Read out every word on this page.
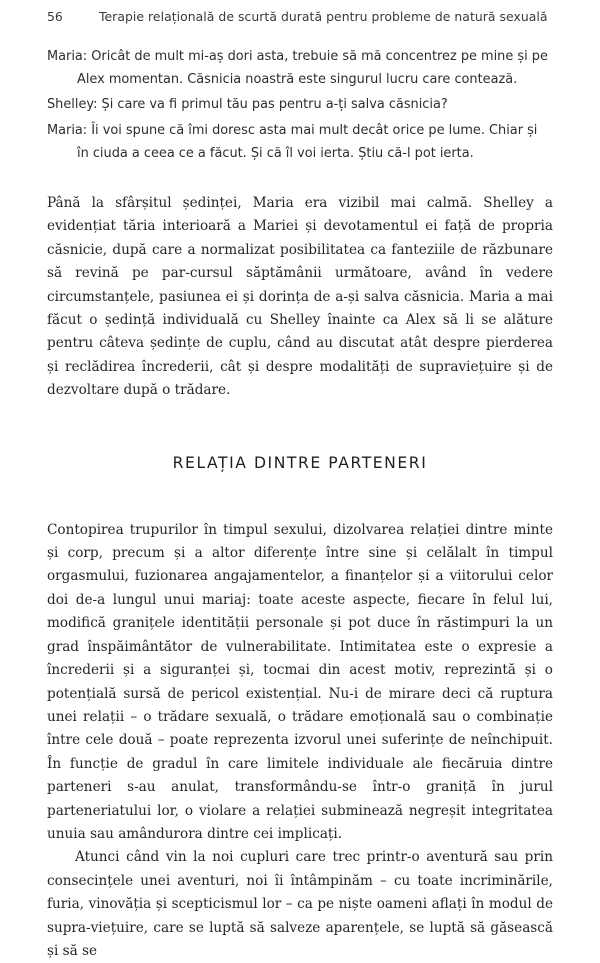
56	Terapie relațională de scurtă durată pentru probleme de natură sexuală

Maria: Oricât de mult mi-aș dori asta, trebuie să mă concentrez pe mine și pe Alex momentan. Căsnicia noastră este singurul lucru care contează.

Shelley: Și care va fi primul tău pas pentru a-ți salva căsnicia?

Maria: Îi voi spune că îmi doresc asta mai mult decât orice pe lume. Chiar și în ciuda a ceea ce a făcut. Și că îl voi ierta. Știu că-l pot ierta.

Până la sfârșitul ședinței, Maria era vizibil mai calmă. Shelley a evidențiat tăria interioară a Mariei și devotamentul ei față de propria căsnicie, după care a normalizat posibilitatea ca fanteziile de răzbunare să revină pe par-cursul săptămânii următoare, având în vedere circumstanțele, pasiunea ei și dorința de a-și salva căsnicia. Maria a mai făcut o ședință individuală cu Shelley înainte ca Alex să li se alăture pentru câteva ședințe de cuplu, când au discutat atât despre pierderea și reclădirea încrederii, cât și despre modalități de supraviețuire și de dezvoltare după o trădare.

RELAȚIA DINTRE PARTENERI

Contopirea trupurilor în timpul sexului, dizolvarea relației dintre minte și corp, precum și a altor diferențe între sine și celălalt în timpul orgasmului, fuzionarea angajamentelor, a finanțelor și a viitorului celor doi de-a lungul unui mariaj: toate aceste aspecte, fiecare în felul lui, modifică granițele identității personale și pot duce în răstimpuri la un grad înspăimântător de vulnerabilitate. Intimitatea este o expresie a încrederii și a siguranței și, tocmai din acest motiv, reprezintă și o potențială sursă de pericol existențial. Nu-i de mirare deci că ruptura unei relații – o trădare sexuală, o trădare emoțională sau o combinație între cele două – poate reprezenta izvorul unei suferințe de neînchipuit. În funcție de gradul în care limitele individuale ale fiecăruia dintre parteneri s-au anulat, transformându-se într-o graniță în jurul parteneriatului lor, o violare a relației subminează negreșit integritatea unuia sau amândurora dintre cei implicați.

Atunci când vin la noi cupluri care trec printr-o aventură sau prin consecințele unei aventuri, noi îi întâmpinăm – cu toate incriminările, furia, vinovăția și scepticismul lor – ca pe niște oameni aflați în modul de supra-viețuire, care se luptă să salveze aparențele, se luptă să găsească și să se
